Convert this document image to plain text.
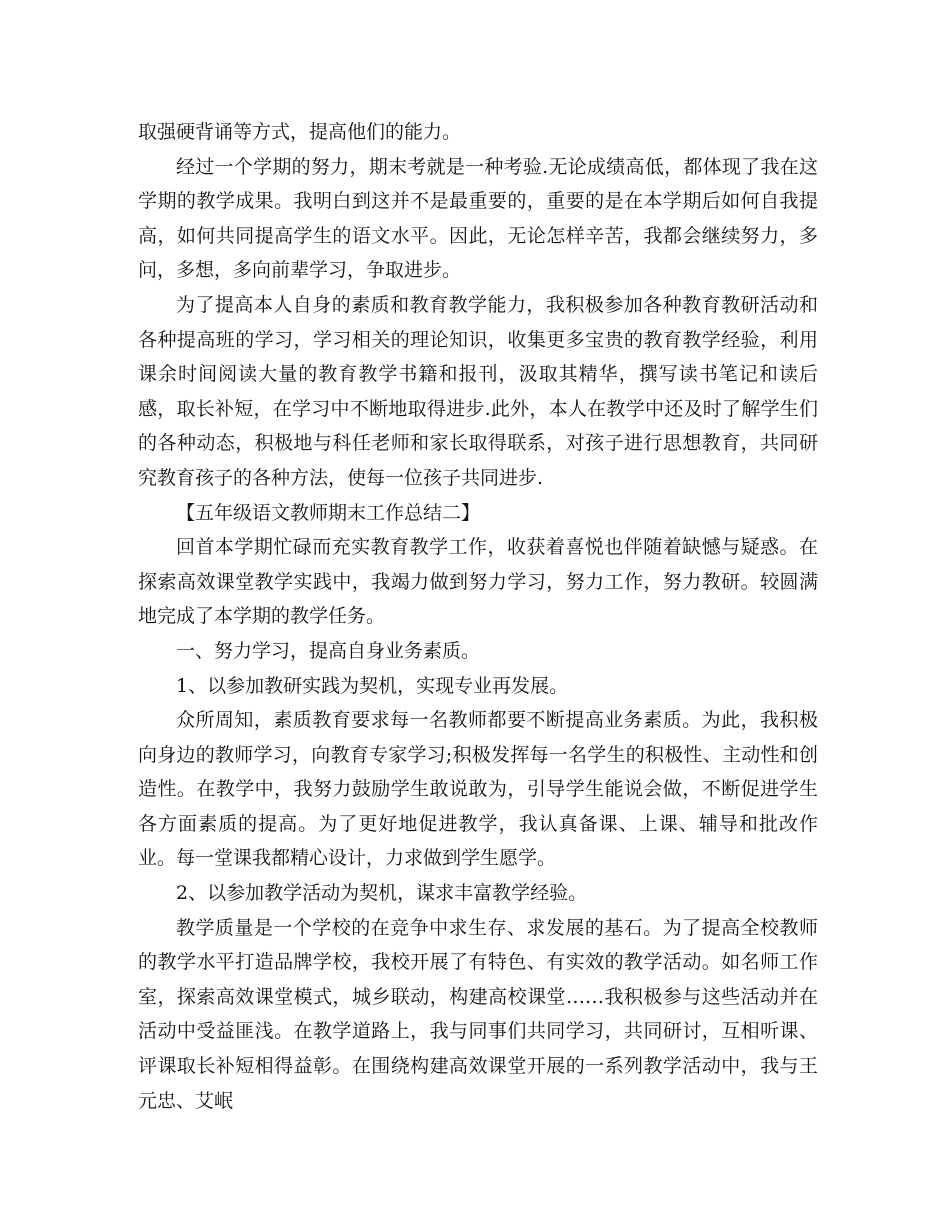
取强硬背诵等方式，提高他们的能力。

经过一个学期的努力，期末考就是一种考验.无论成绩高低，都体现了我在这学期的教学成果。我明白到这并不是最重要的，重要的是在本学期后如何自我提高，如何共同提高学生的语文水平。因此，无论怎样辛苦，我都会继续努力，多问，多想，多向前辈学习，争取进步。

为了提高本人自身的素质和教育教学能力，我积极参加各种教育教研活动和各种提高班的学习，学习相关的理论知识，收集更多宝贵的教育教学经验，利用课余时间阅读大量的教育教学书籍和报刊，汲取其精华，撰写读书笔记和读后感，取长补短，在学习中不断地取得进步.此外，本人在教学中还及时了解学生们的各种动态，积极地与科任老师和家长取得联系，对孩子进行思想教育，共同研究教育孩子的各种方法，使每一位孩子共同进步.

【五年级语文教师期末工作总结二】

回首本学期忙碌而充实教育教学工作，收获着喜悦也伴随着缺憾与疑惑。在探索高效课堂教学实践中，我竭力做到努力学习，努力工作，努力教研。较圆满地完成了本学期的教学任务。

一、努力学习，提高自身业务素质。

1、以参加教研实践为契机，实现专业再发展。

众所周知，素质教育要求每一名教师都要不断提高业务素质。为此，我积极向身边的教师学习，向教育专家学习;积极发挥每一名学生的积极性、主动性和创造性。在教学中，我努力鼓励学生敢说敢为，引导学生能说会做，不断促进学生各方面素质的提高。为了更好地促进教学，我认真备课、上课、辅导和批改作业。每一堂课我都精心设计，力求做到学生愿学。

2、以参加教学活动为契机，谋求丰富教学经验。

教学质量是一个学校的在竞争中求生存、求发展的基石。为了提高全校教师的教学水平打造品牌学校，我校开展了有特色、有实效的教学活动。如名师工作室，探索高效课堂模式，城乡联动，构建高校课堂……我积极参与这些活动并在活动中受益匪浅。在教学道路上，我与同事们共同学习，共同研讨，互相听课、评课取长补短相得益彰。在围绕构建高效课堂开展的一系列教学活动中，我与王元忠、艾岷
